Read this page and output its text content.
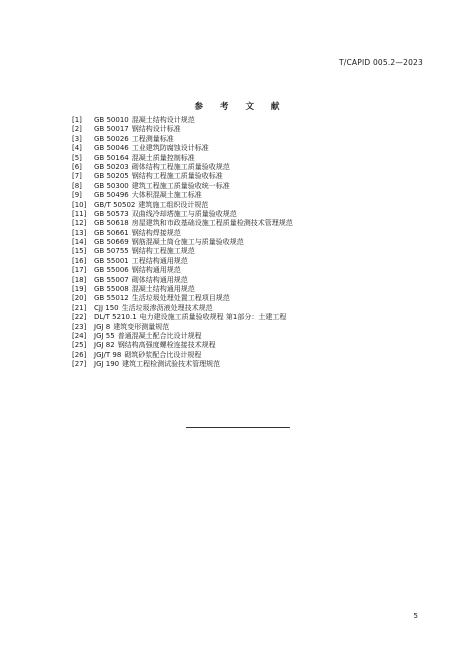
T/CAPID 005.2—2023
参 考 文 献
[1] GB 50010 混凝土结构设计规范
[2] GB 50017 钢结构设计标准
[3] GB 50026 工程测量标准
[4] GB 50046 工业建筑防腐蚀设计标准
[5] GB 50164 混凝土质量控制标准
[6] GB 50203 砌体结构工程施工质量验收规范
[7] GB 50205 钢结构工程施工质量验收标准
[8] GB 50300 建筑工程施工质量验收统一标准
[9] GB 50496 大体积混凝土施工标准
[10] GB/T 50502 建筑施工组织设计规范
[11] GB 50573 双曲线冷却塔施工与质量验收规范
[12] GB 50618 房屋建筑和市政基础设施工程质量检测技术管理规范
[13] GB 50661 钢结构焊接规范
[14] GB 50669 钢筋混凝土筒仓施工与质量验收规范
[15] GB 50755 钢结构工程施工规范
[16] GB 55001 工程结构通用规范
[17] GB 55006 钢结构通用规范
[18] GB 55007 砌体结构通用规范
[19] GB 55008 混凝土结构通用规范
[20] GB 55012 生活垃圾处理处置工程项目规范
[21] CJJ 150 生活垃圾渗沥液处理技术规范
[22] DL/T 5210.1 电力建设施工质量验收规程 第1部分：土建工程
[23] JGJ 8 建筑变形测量规范
[24] JGJ 55 普通混凝土配合比设计规程
[25] JGJ 82 钢结构高强度螺栓连接技术规程
[26] JGJ/T 98 砌筑砂浆配合比设计规程
[27] JGJ 190 建筑工程检测试验技术管理规范
5
